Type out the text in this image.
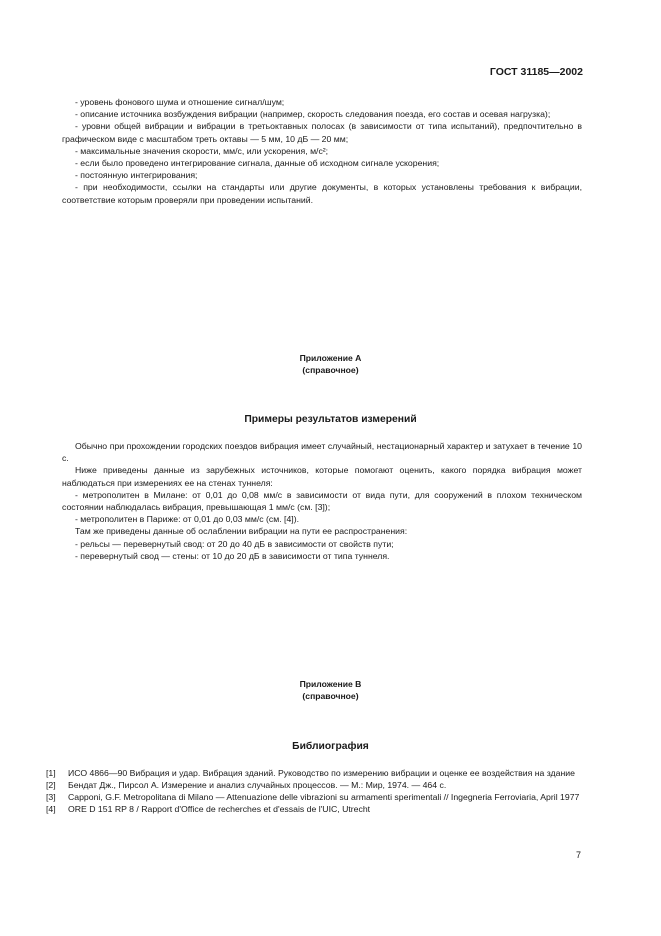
ГОСТ 31185—2002

- уровень фонового шума и отношение сигнал/шум;

- описание источника возбуждения вибрации (например, скорость следования поезда, его состав и осевая нагрузка);

- уровни общей вибрации и вибрации в третьоктавных полосах (в зависимости от типа испытаний), предпочтительно в графическом виде с масштабом треть октавы — 5 мм, 10 дБ — 20 мм;

- максимальные значения скорости, мм/с, или ускорения, м/с²;

- если было проведено интегрирование сигнала, данные об исходном сигнале ускорения;

- постоянную интегрирования;

- при необходимости, ссылки на стандарты или другие документы, в которых установлены требования к вибрации, соответствие которым проверяли при проведении испытаний.

Приложение А
(справочное)
Примеры результатов измерений

Обычно при прохождении городских поездов вибрация имеет случайный, нестационарный характер и затухает в течение 10 с.

Ниже приведены данные из зарубежных источников, которые помогают оценить, какого порядка вибрация может наблюдаться при измерениях ее на стенах туннеля:

- метрополитен в Милане: от 0,01 до 0,08 мм/с в зависимости от вида пути, для сооружений в плохом техническом состоянии наблюдалась вибрация, превышающая 1 мм/с (см. [3]);

- метрополитен в Париже: от 0,01 до 0,03 мм/с (см. [4]).

Там же приведены данные об ослаблении вибрации на пути ее распространения:

- рельсы — перевернутый свод: от 20 до 40 дБ в зависимости от свойств пути;

- перевернутый свод — стены: от 10 до 20 дБ в зависимости от типа туннеля.

Приложение В
(справочное)
Библиография
[1]	ИСО 4866—90 Вибрация и удар. Вибрация зданий. Руководство по измерению вибрации и оценке ее воздействия на здание
[2]	Бендат Дж., Пирсол А. Измерение и анализ случайных процессов. — М.: Мир, 1974. — 464 с.
[3]	Capponi, G.F. Metropolitana di Milano — Attenuazione delle vibrazioni su armamenti sperimentali // Ingegneria Ferroviaria, April 1977
[4]	ORE D 151 RP 8 / Rapport d'Office de recherches et d'essais de l'UIC, Utrecht
7
